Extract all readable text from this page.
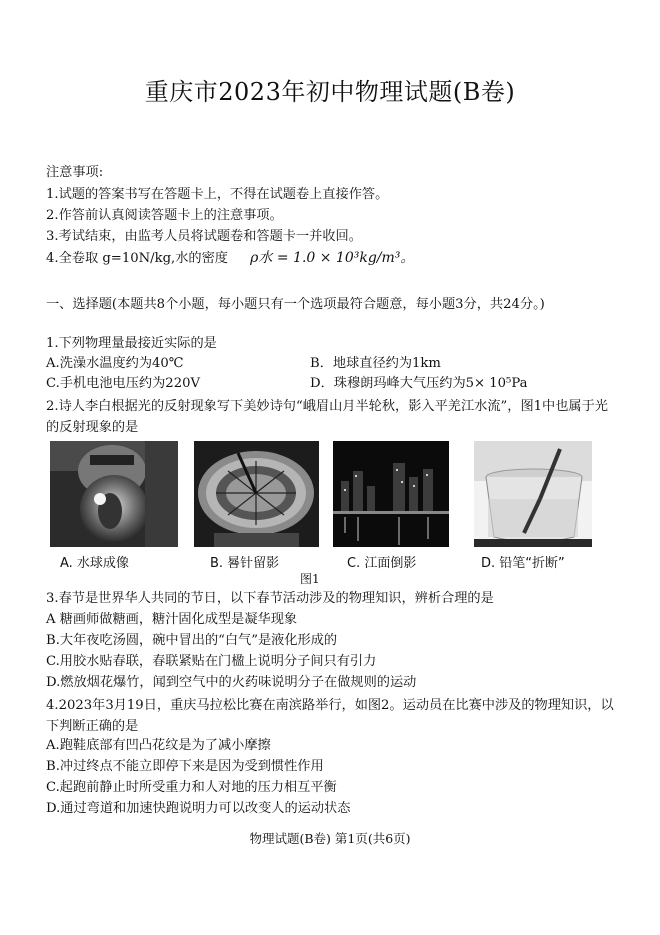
重庆市2023年初中物理试题(B卷)
注意事项:
1.试题的答案书写在答题卡上，不得在试题卷上直接作答。
2.作答前认真阅读答题卡上的注意事项。
3.考试结束，由监考人员将试题卷和答题卡一并收回。
4.全卷取 g=10N/kg,水的密度 ρ水 = 1.0 × 10³kg/m³。
一、选择题(本题共8个小题，每小题只有一个选项最符合题意，每小题3分，共24分。)
1.下列物理量最接近实际的是
A.洗澡水温度约为40℃	B．地球直径约为1km
C.手机电池电压约为220V	D．珠穆朗玛峰大气压约为5× 10⁵Pa
2.诗人李白根据光的反射现象写下美妙诗句“峨眉山月半轮秋，影入平羌江水流”，图1中也属于光的反射现象的是
A. 水球成像	B. 晷针留影	C. 江面倒影	D. 铅笔“折断”
图1
3.春节是世界华人共同的节日，以下春节活动涉及的物理知识，辨析合理的是
A 糖画师做糖画，糖汁固化成型是凝华现象
B.大年夜吃汤圆，碗中冒出的“白气”是液化形成的
C.用胶水贴春联，春联紧贴在门楹上说明分子间只有引力
D.燃放烟花爆竹，闻到空气中的火药味说明分子在做规则的运动
4.2023年3月19日，重庆马拉松比赛在南滨路举行，如图2。运动员在比赛中涉及的物理知识，以下判断正确的是
A.跑鞋底部有凹凸花纹是为了减小摩擦
B.冲过终点不能立即停下来是因为受到惯性作用
C.起跑前静止时所受重力和人对地的压力相互平衡
D.通过弯道和加速快跑说明力可以改变人的运动状态
物理试题(B卷) 第1页(共6页)
